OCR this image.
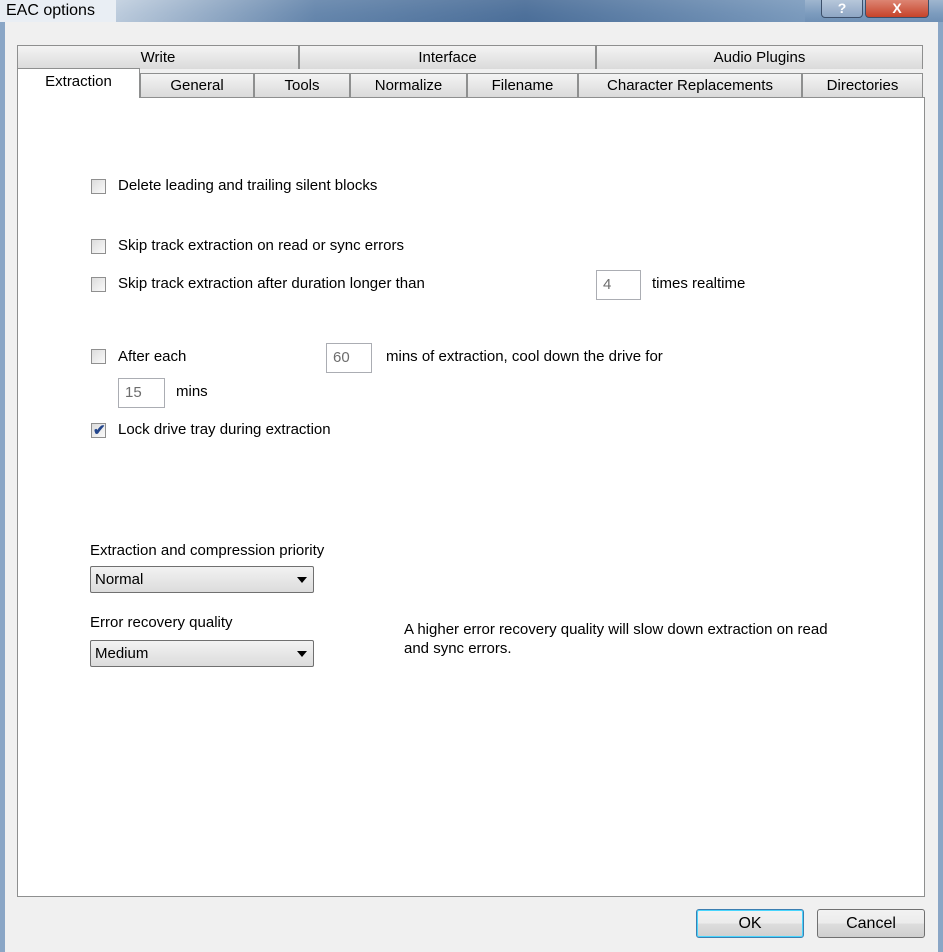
EAC options	?	X
Write	Interface	Audio Plugins
General	Tools	Normalize	Filename	Character Replacements	Directories
Extraction
Delete leading and trailing silent blocks
Skip track extraction on read or sync errors
Skip track extraction after duration longer than	4	times realtime
After each	60	mins of extraction, cool down the drive for
15	mins
✔ Lock drive tray during extraction
Extraction and compression priority
Normal
Error recovery quality
Medium
A higher error recovery quality will slow down extraction on read
and sync errors.
OK	Cancel
